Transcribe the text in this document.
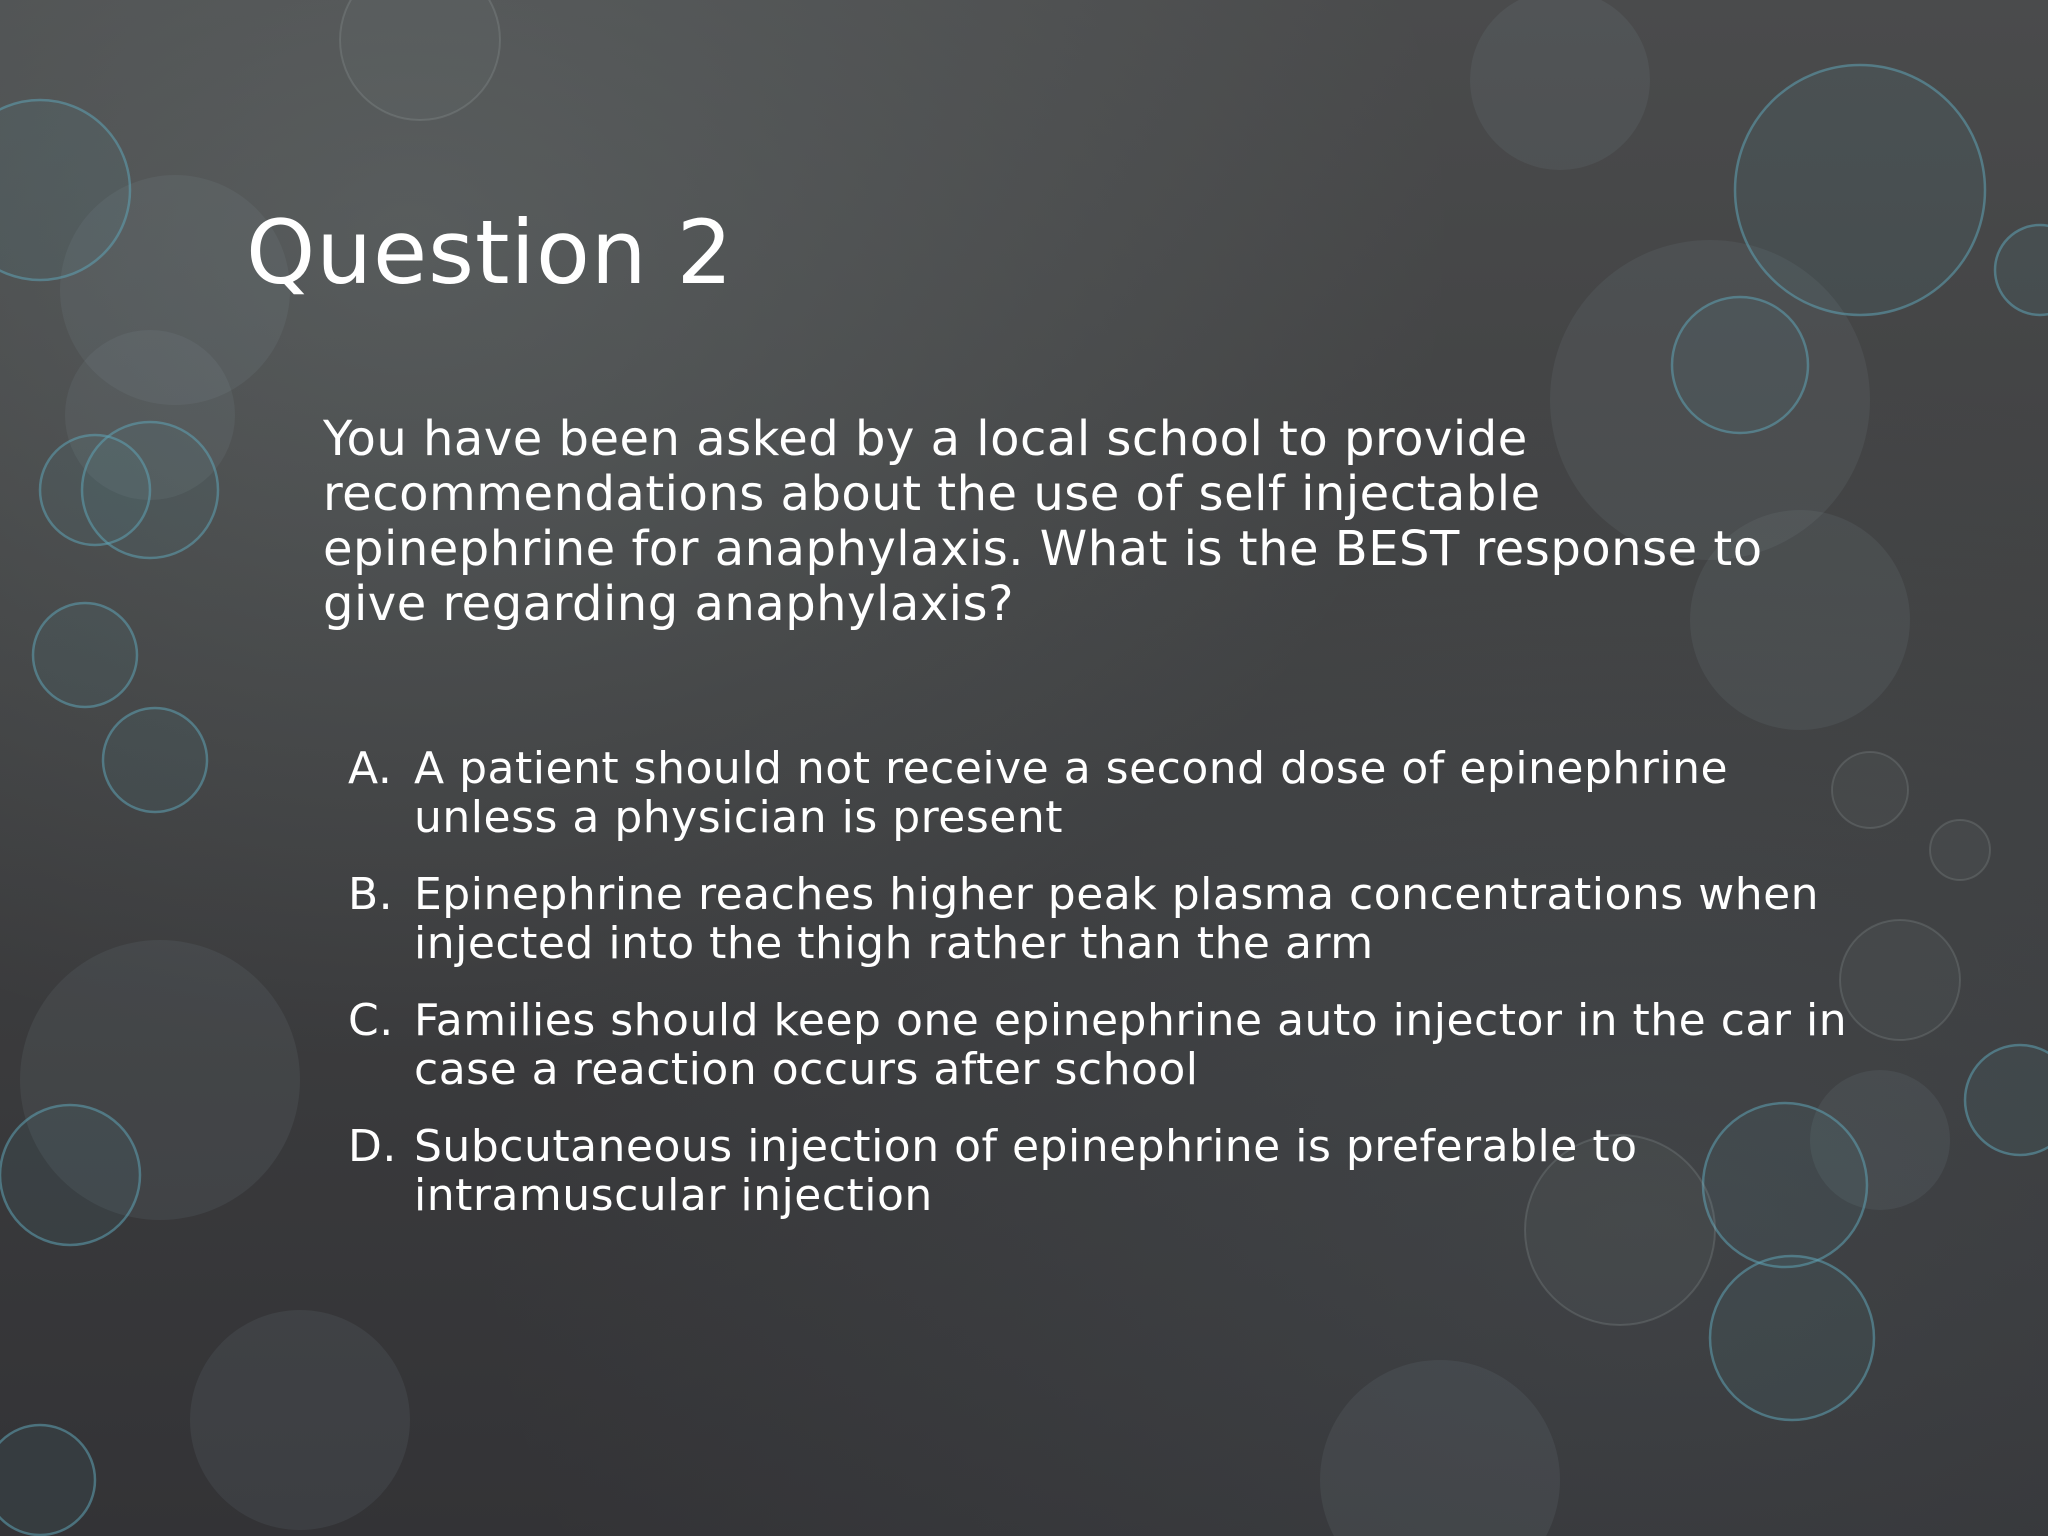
Question 2

You have been asked by a local school to provide recommendations about the use of self injectable epinephrine for anaphylaxis. What is the BEST response to give regarding anaphylaxis?

A. A patient should not receive a second dose of epinephrine unless a physician is present
B. Epinephrine reaches higher peak plasma concentrations when injected into the thigh rather than the arm
C. Families should keep one epinephrine auto injector in the car in case a reaction occurs after school
D. Subcutaneous injection of epinephrine is preferable to intramuscular injection
